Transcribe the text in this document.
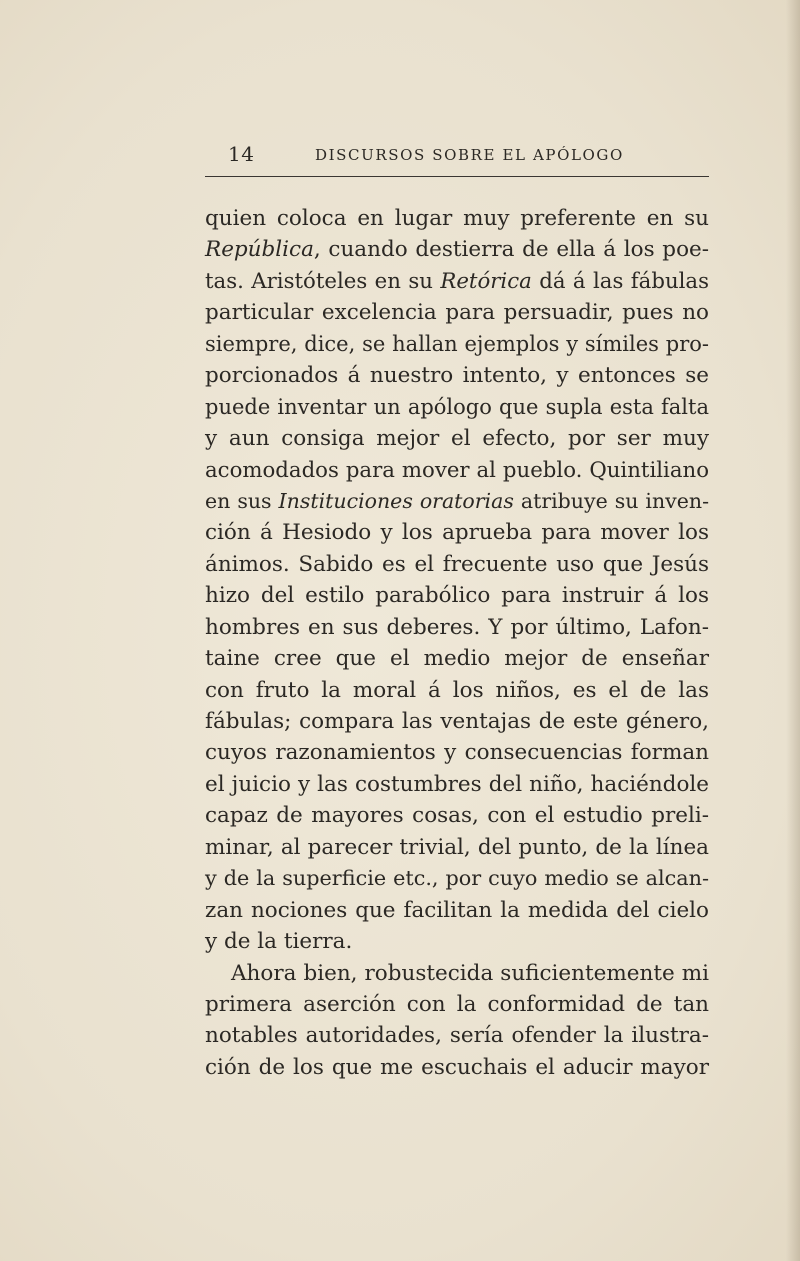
14	DISCURSOS SOBRE EL APÓLOGO
quien coloca en lugar muy preferente en su
República, cuando destierra de ella á los poe-
tas. Aristóteles en su Retórica dá á las fábulas
particular excelencia para persuadir, pues no
siempre, dice, se hallan ejemplos y símiles pro-
porcionados á nuestro intento, y entonces se
puede inventar un apólogo que supla esta falta
y aun consiga mejor el efecto, por ser muy
acomodados para mover al pueblo. Quintiliano
en sus Instituciones oratorias atribuye su inven-
ción á Hesiodo y los aprueba para mover los
ánimos. Sabido es el frecuente uso que Jesús
hizo del estilo parabólico para instruir á los
hombres en sus deberes. Y por último, Lafon-
taine cree que el medio mejor de enseñar
con fruto la moral á los niños, es el de las
fábulas; compara las ventajas de este género,
cuyos razonamientos y consecuencias forman
el juicio y las costumbres del niño, haciéndole
capaz de mayores cosas, con el estudio preli-
minar, al parecer trivial, del punto, de la línea
y de la superficie etc., por cuyo medio se alcan-
zan nociones que facilitan la medida del cielo
y de la tierra.
Ahora bien, robustecida suficientemente mi
primera aserción con la conformidad de tan
notables autoridades, sería ofender la ilustra-
ción de los que me escuchais el aducir mayor
